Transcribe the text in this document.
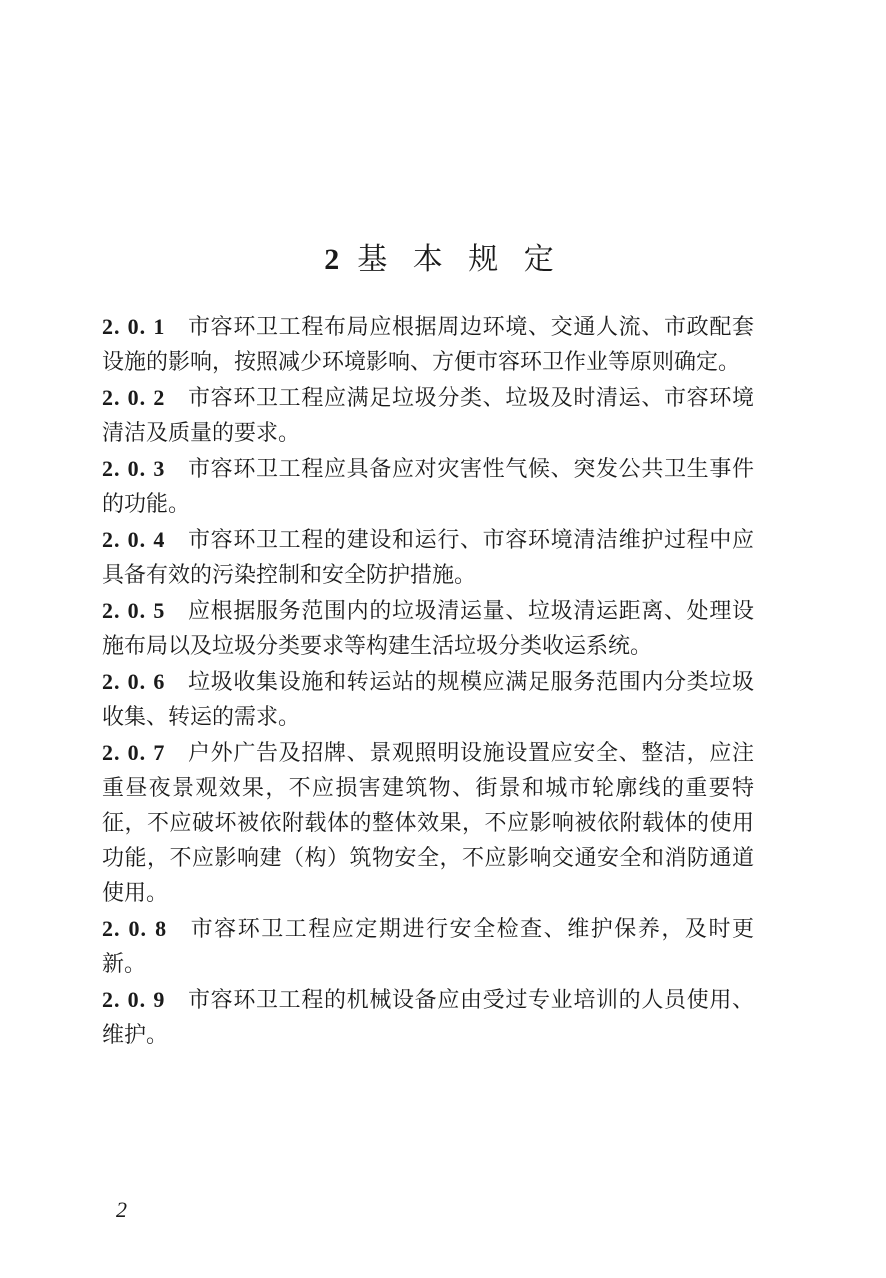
2 基 本 规 定

2. 0. 1 市容环卫工程布局应根据周边环境、交通人流、市政配套设施的影响，按照减少环境影响、方便市容环卫作业等原则确定。

2. 0. 2 市容环卫工程应满足垃圾分类、垃圾及时清运、市容环境清洁及质量的要求。

2. 0. 3 市容环卫工程应具备应对灾害性气候、突发公共卫生事件的功能。

2. 0. 4 市容环卫工程的建设和运行、市容环境清洁维护过程中应具备有效的污染控制和安全防护措施。

2. 0. 5 应根据服务范围内的垃圾清运量、垃圾清运距离、处理设施布局以及垃圾分类要求等构建生活垃圾分类收运系统。

2. 0. 6 垃圾收集设施和转运站的规模应满足服务范围内分类垃圾收集、转运的需求。

2. 0. 7 户外广告及招牌、景观照明设施设置应安全、整洁，应注重昼夜景观效果，不应损害建筑物、街景和城市轮廓线的重要特征，不应破坏被依附载体的整体效果，不应影响被依附载体的使用功能，不应影响建（构）筑物安全，不应影响交通安全和消防通道使用。

2. 0. 8 市容环卫工程应定期进行安全检查、维护保养，及时更新。

2. 0. 9 市容环卫工程的机械设备应由受过专业培训的人员使用、维护。

2
